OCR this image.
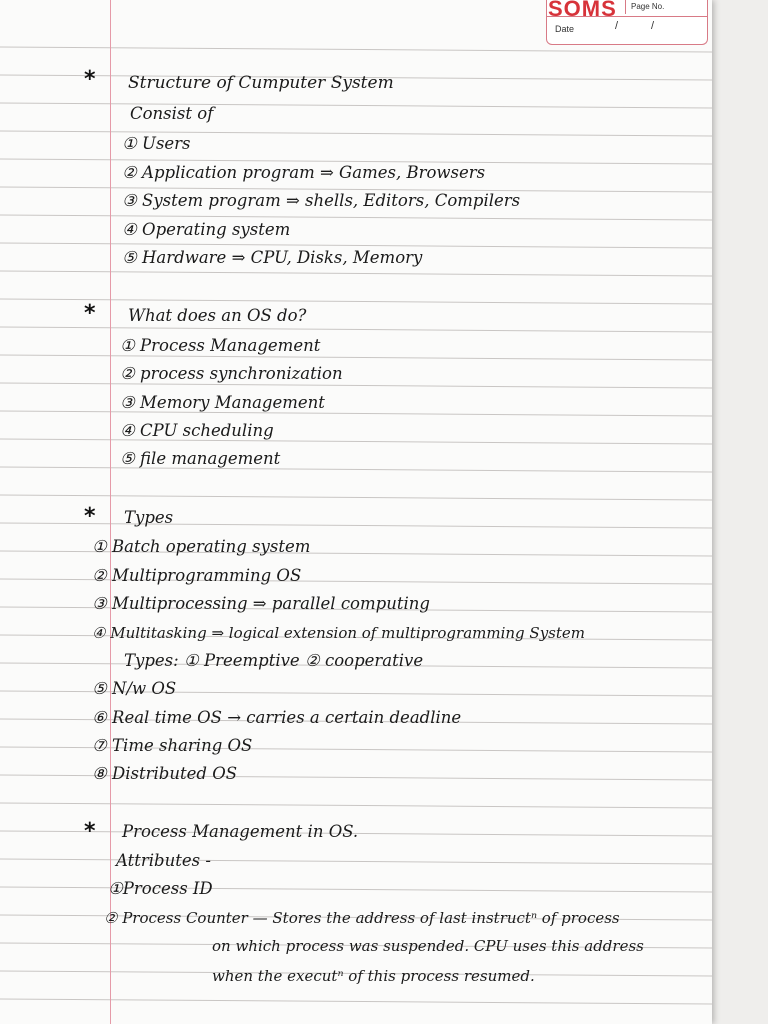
Page No.
Date	/	/
SOMS
* Structure of Cumputer System
Consist of
① Users
② Application program ⇒ Games, Browsers
③ System program ⇒ shells, Editors, Compilers
④ Operating system
⑤ Hardware ⇒ CPU, Disks, Memory
* What does an OS do?
① Process Management
② process synchronization
③ Memory Management
④ CPU scheduling
⑤ file management
* Types
① Batch operating system
② Multiprogramming OS
③ Multiprocessing ⇒ parallel computing
④ Multitasking ⇒ logical extension of multiprogramming System
Types: ① Preemptive ② cooperative
⑤ N/w OS
⑥ Real time OS → carries a certain deadline
⑦ Time sharing OS
⑧ Distributed OS
* Process Management in OS.
Attributes -
①Process ID
② Process Counter — Stores the address of last instructⁿ of process
on which process was suspended. CPU uses this address
when the executⁿ of this process resumed.
